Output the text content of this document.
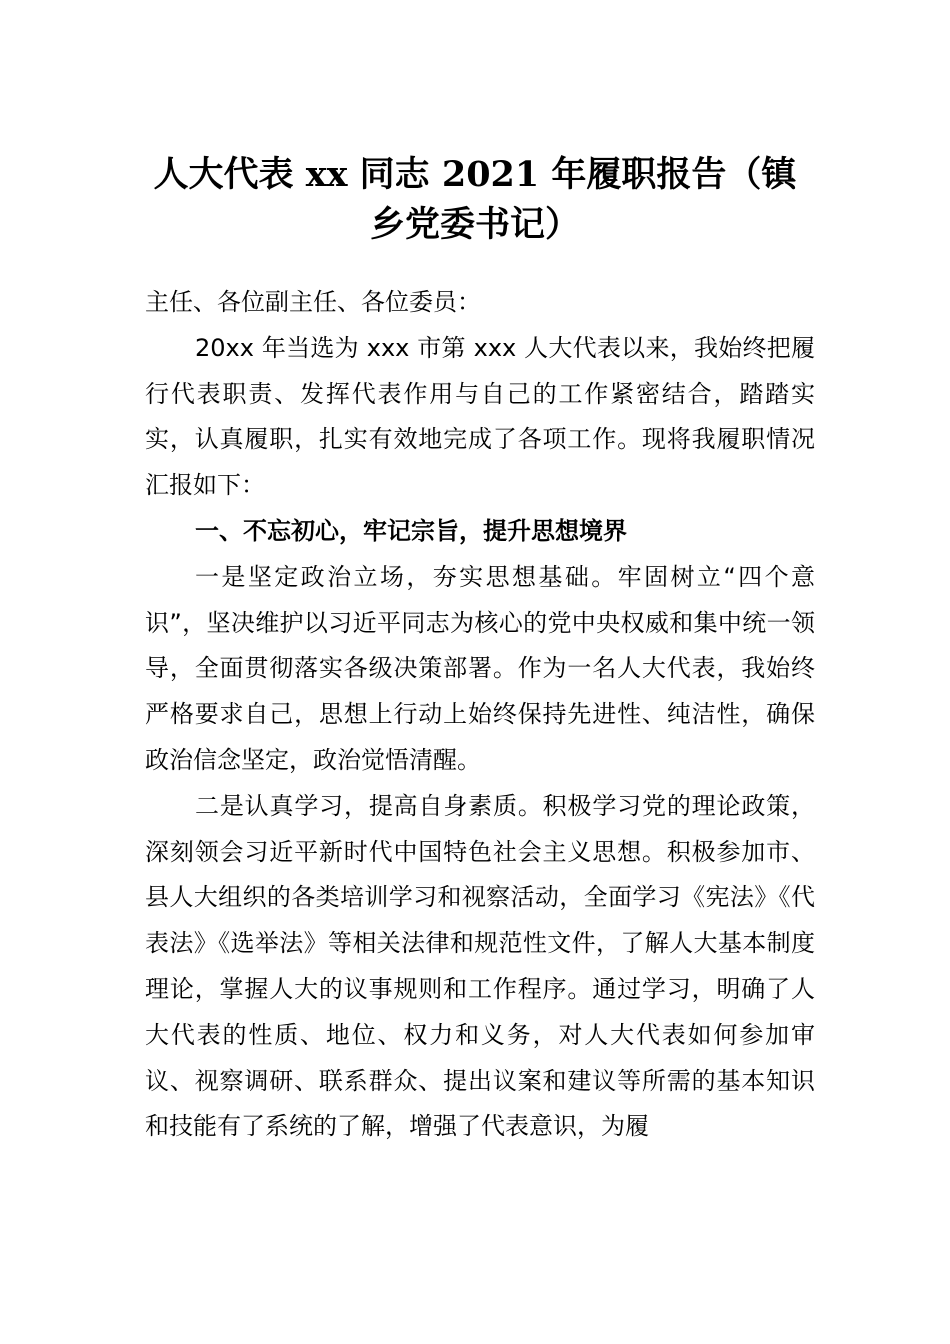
人大代表 xx 同志 2021 年履职报告（镇
乡党委书记）

主任、各位副主任、各位委员：

20xx 年当选为 xxx 市第 xxx 人大代表以来，我始终把履行代表职责、发挥代表作用与自己的工作紧密结合，踏踏实实，认真履职，扎实有效地完成了各项工作。现将我履职情况汇报如下：

一、不忘初心，牢记宗旨，提升思想境界

一是坚定政治立场，夯实思想基础。牢固树立“四个意识”，坚决维护以习近平同志为核心的党中央权威和集中统一领导，全面贯彻落实各级决策部署。作为一名人大代表，我始终严格要求自己，思想上行动上始终保持先进性、纯洁性，确保政治信念坚定，政治觉悟清醒。

二是认真学习，提高自身素质。积极学习党的理论政策，深刻领会习近平新时代中国特色社会主义思想。积极参加市、县人大组织的各类培训学习和视察活动，全面学习《宪法》《代表法》《选举法》等相关法律和规范性文件，了解人大基本制度理论，掌握人大的议事规则和工作程序。通过学习，明确了人大代表的性质、地位、权力和义务，对人大代表如何参加审议、视察调研、联系群众、提出议案和建议等所需的基本知识和技能有了系统的了解，增强了代表意识，为履
